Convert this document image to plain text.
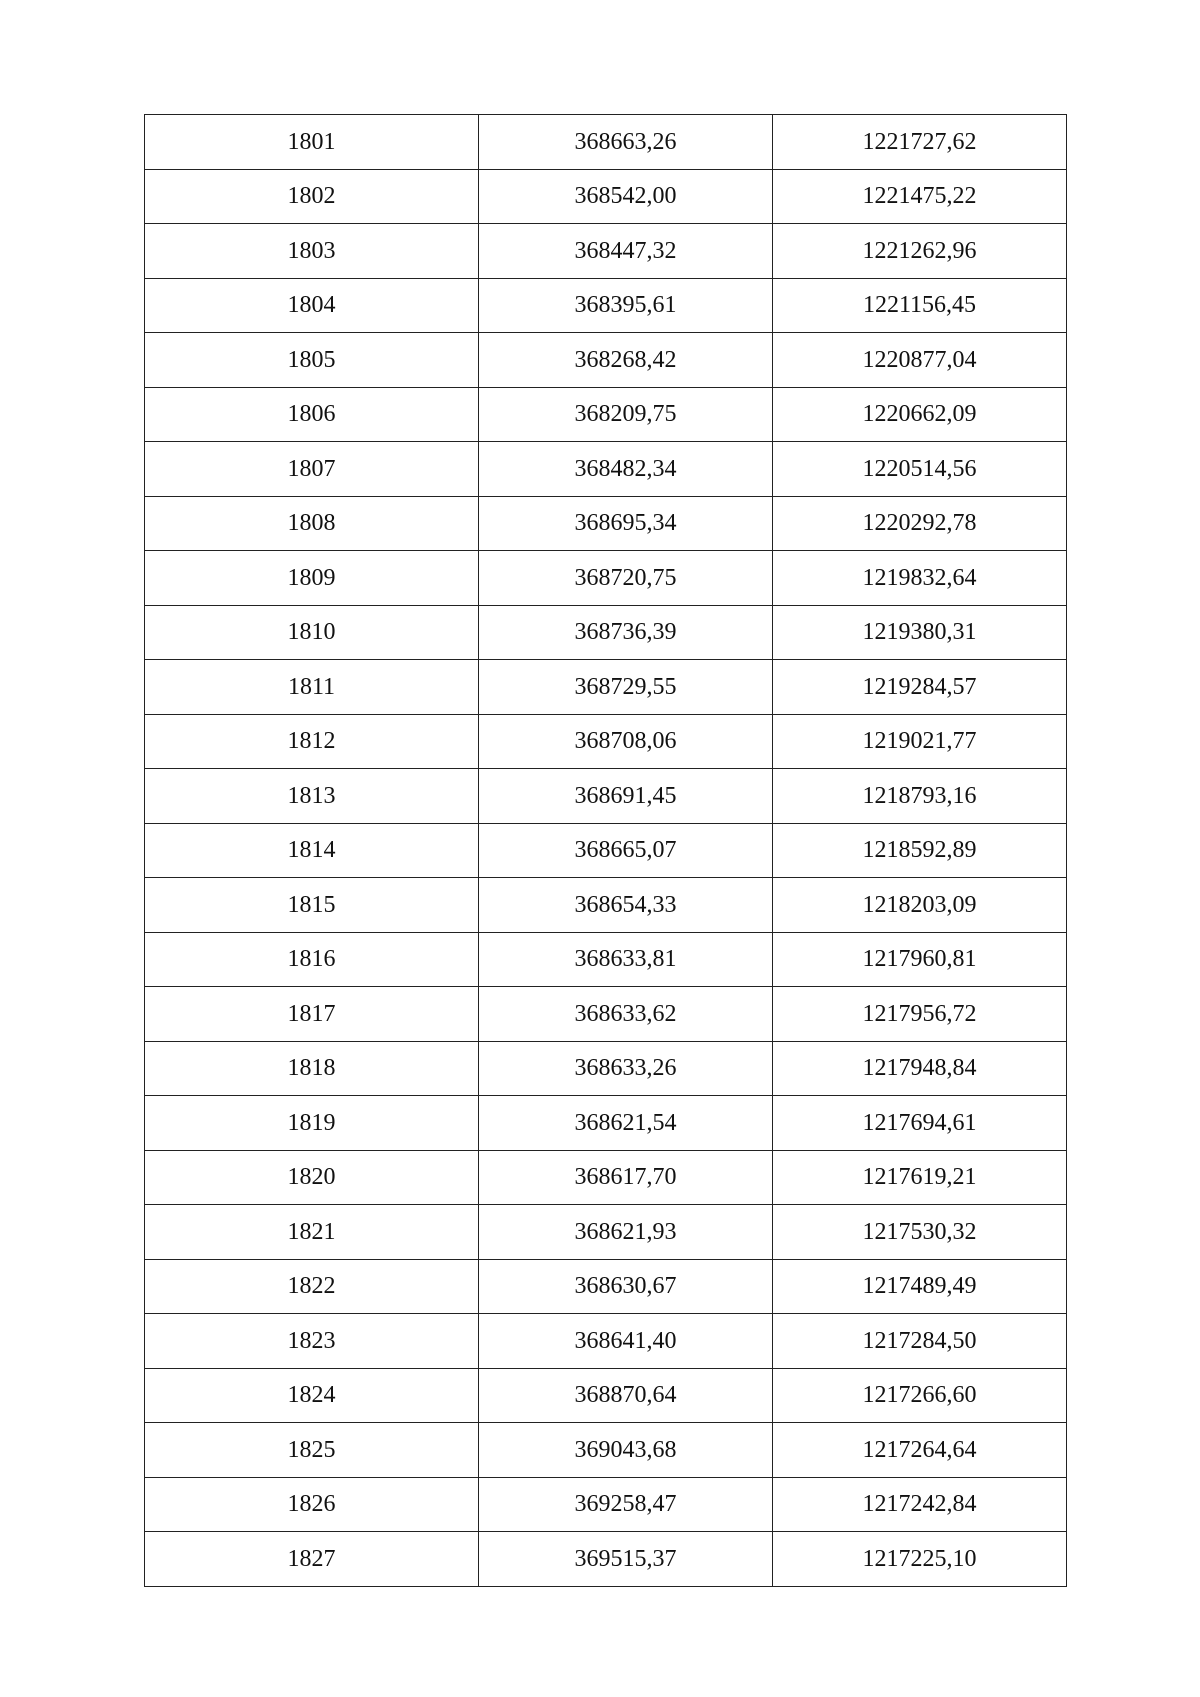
1801	368663,26	1221727,62
1802	368542,00	1221475,22
1803	368447,32	1221262,96
1804	368395,61	1221156,45
1805	368268,42	1220877,04
1806	368209,75	1220662,09
1807	368482,34	1220514,56
1808	368695,34	1220292,78
1809	368720,75	1219832,64
1810	368736,39	1219380,31
1811	368729,55	1219284,57
1812	368708,06	1219021,77
1813	368691,45	1218793,16
1814	368665,07	1218592,89
1815	368654,33	1218203,09
1816	368633,81	1217960,81
1817	368633,62	1217956,72
1818	368633,26	1217948,84
1819	368621,54	1217694,61
1820	368617,70	1217619,21
1821	368621,93	1217530,32
1822	368630,67	1217489,49
1823	368641,40	1217284,50
1824	368870,64	1217266,60
1825	369043,68	1217264,64
1826	369258,47	1217242,84
1827	369515,37	1217225,10
